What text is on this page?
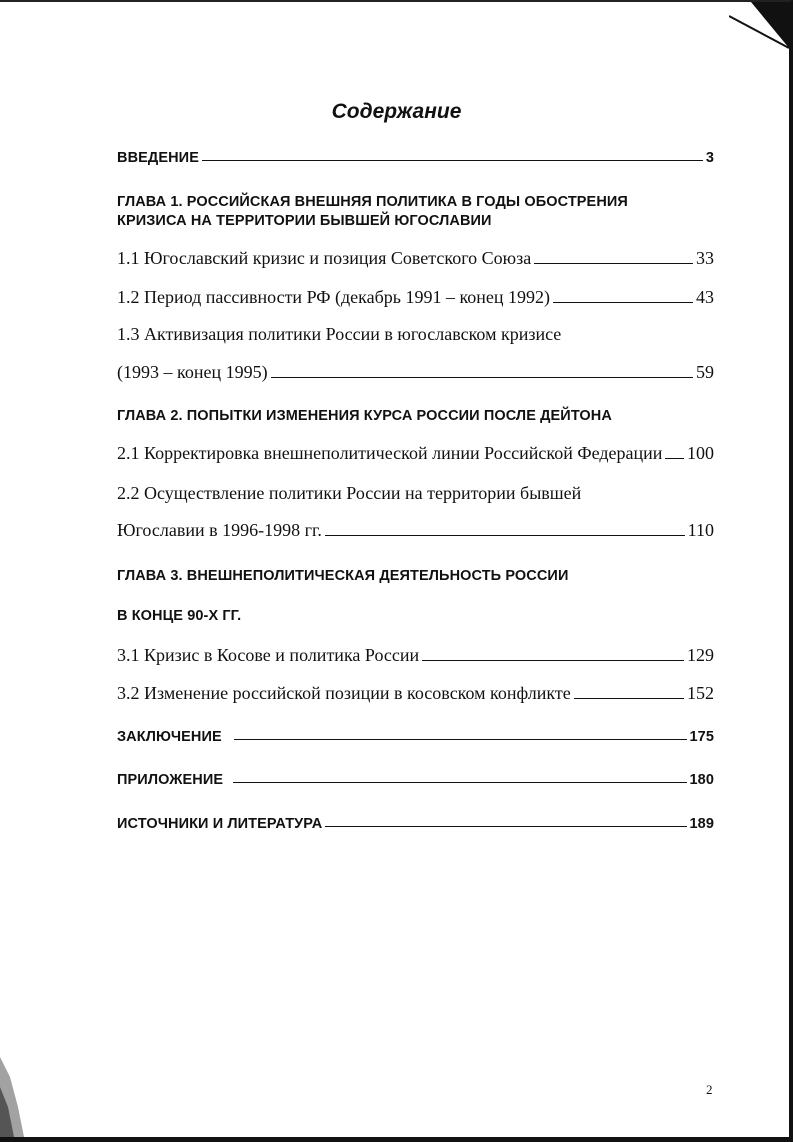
Содержание
ВВЕДЕНИЕ	3
ГЛАВА 1. РОССИЙСКАЯ ВНЕШНЯЯ ПОЛИТИКА В ГОДЫ ОБОСТРЕНИЯ
КРИЗИСА НА ТЕРРИТОРИИ БЫВШЕЙ ЮГОСЛАВИИ
1.1 Югославский кризис и позиция Советского Союза	33
1.2 Период пассивности РФ (декабрь 1991 – конец 1992)	43
1.3 Активизация политики России в югославском кризисе
(1993 – конец 1995)	59
ГЛАВА 2. ПОПЫТКИ ИЗМЕНЕНИЯ КУРСА РОССИИ ПОСЛЕ ДЕЙТОНА
2.1 Корректировка внешнеполитической линии Российской Федерации 100
2.2 Осуществление политики России на территории бывшей
Югославии в 1996-1998 гг.	110
ГЛАВА 3. ВНЕШНЕПОЛИТИЧЕСКАЯ ДЕЯТЕЛЬНОСТЬ РОССИИ
В КОНЦЕ 90-Х ГГ.
3.1 Кризис в Косове и политика России	129
3.2 Изменение российской позиции в косовском конфликте	152
ЗАКЛЮЧЕНИЕ	175
ПРИЛОЖЕНИЕ	180
ИСТОЧНИКИ И ЛИТЕРАТУРА	189
2
